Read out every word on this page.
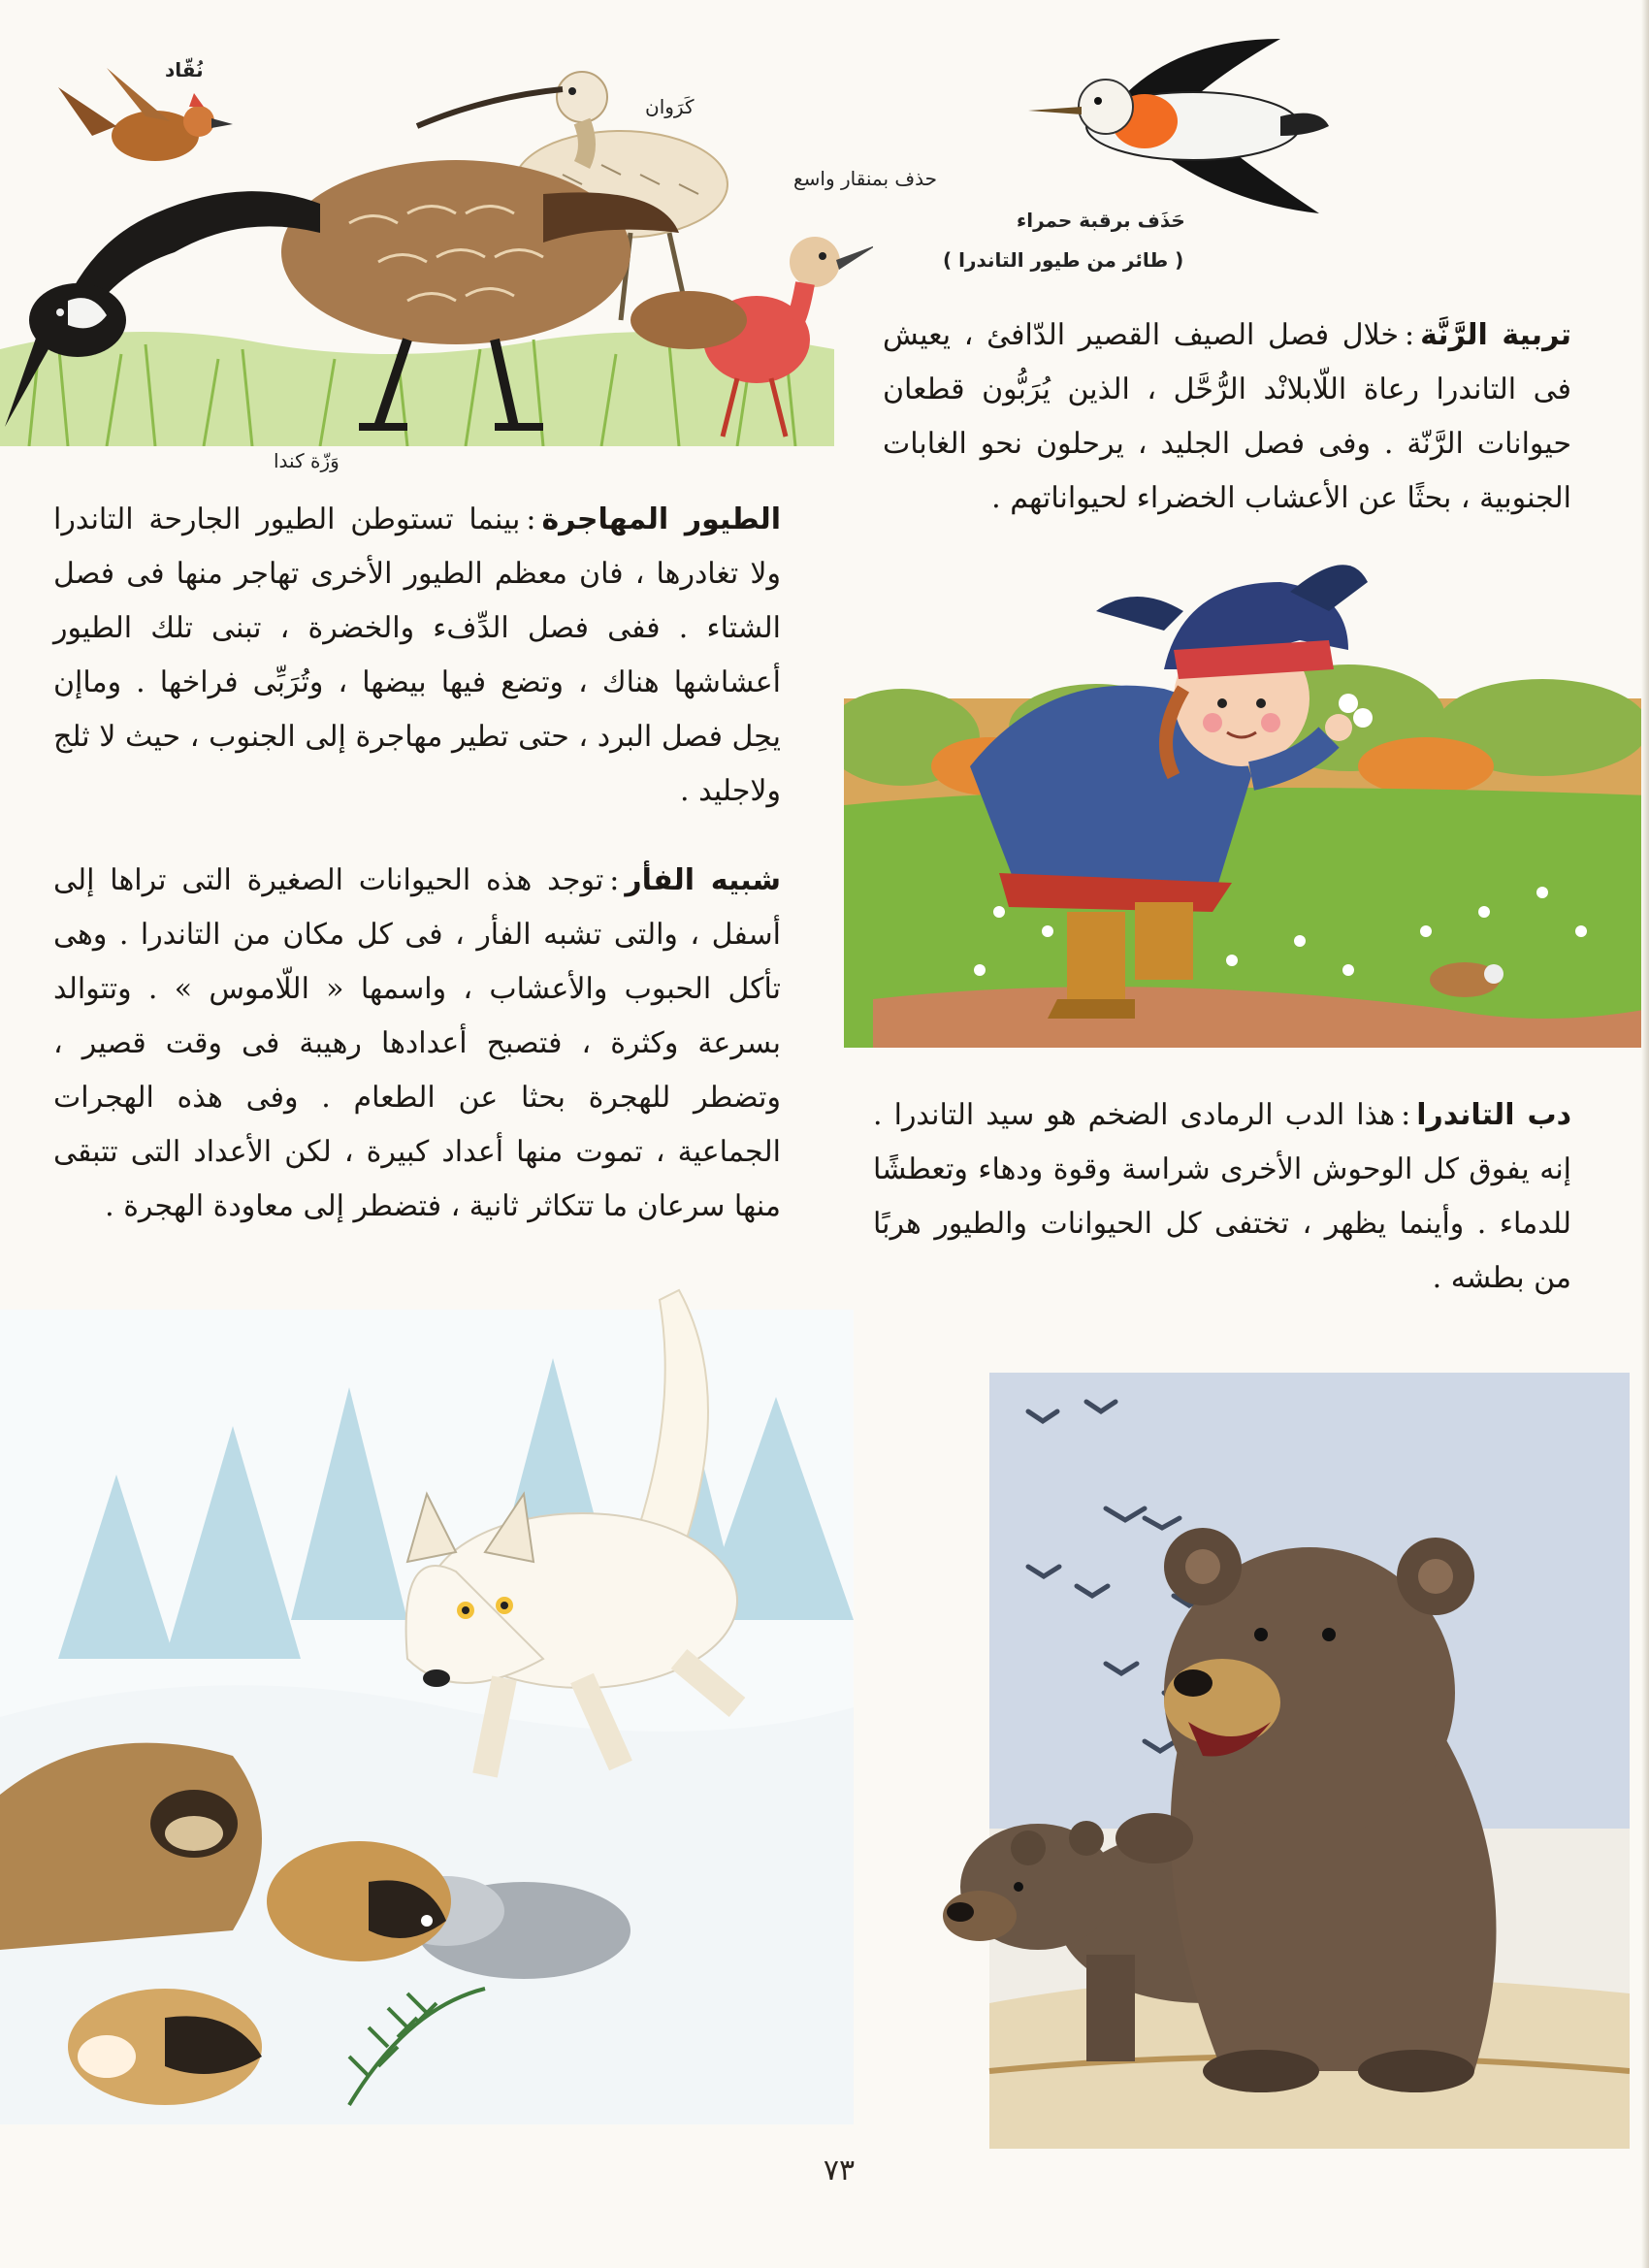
نُقّاد
كَرَوان
حذف بمنقار واسع
حَذَف برقبة حمراء
( طائر من طيور التاندرا )
وَزّة كندا
تربية الرَّنَّة:خلال فصل الصيف القصير الدّافئ ، يعيش فى التاندرا رعاة اللّابلانْد الرُّحَّل ، الذين يُرَبُّون قطعان حيوانات الرَّنّة . وفى فصل الجليد ، يرحلون نحو الغابات الجنوبية ، بحثًا عن الأعشاب الخضراء لحيواناتهم .
الطيور المهاجرة:بينما تستوطن الطيور الجارحة التاندرا ولا تغادرها ، فان معظم الطيور الأخرى تهاجر منها فى فصل الشتاء . ففى فصل الدِّفء والخضرة ، تبنى تلك الطيور أعشاشها هناك ، وتضع فيها بيضها ، وتُرَبِّى فراخها . وماإن يحِل فصل البرد ، حتى تطير مهاجرة إلى الجنوب ، حيث لا ثلج ولاجليد .
شبيه الفأر:توجد هذه الحيوانات الصغيرة التى تراها إلى أسفل ، والتى تشبه الفأر ، فى كل مكان من التاندرا . وهى تأكل الحبوب والأعشاب ، واسمها « اللّاموس » . وتتوالد بسرعة وكثرة ، فتصبح أعدادها رهيبة فى وقت قصير ، وتضطر للهجرة بحثا عن الطعام . وفى هذه الهجرات الجماعية ، تموت منها أعداد كبيرة ، لكن الأعداد التى تتبقى منها سرعان ما تتكاثر ثانية ، فتضطر إلى معاودة الهجرة .
دب التاندرا:هذا الدب الرمادى الضخم هو سيد التاندرا . إنه يفوق كل الوحوش الأخرى شراسة وقوة ودهاء وتعطشًا للدماء . وأينما يظهر ، تختفى كل الحيوانات والطيور هربًا من بطشه .
٧٣
